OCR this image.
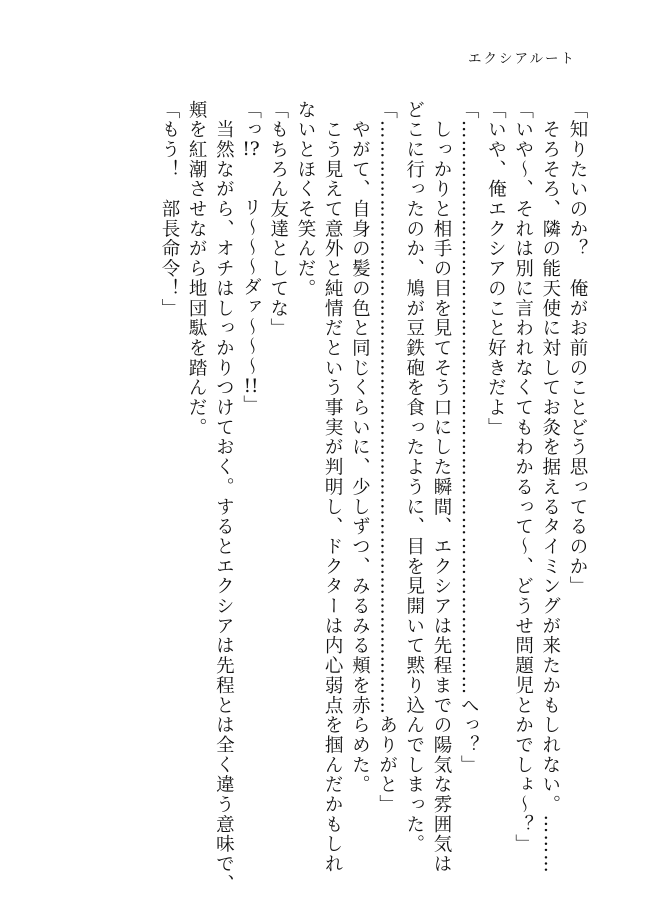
エクシアルート
「知りたいのか？　俺がお前のことどう思ってるのか」
　そろそろ、隣の能天使に対してお灸を据えるタイミングが来たかもしれない。………
「いや〜、それは別に言われなくてもわかるって〜、どうせ問題児とかでしょ〜？」
「いや、俺エクシアのこと好きだよ」
「……………………………………………………………………………へっ？」
　しっかりと相手の目を見てそう口にした瞬間、エクシアは先程までの陽気な雰囲気は
どこに行ったのか、鳩が豆鉄砲を食ったように、目を見開いて黙り込んでしまった。
「………………………………………………………………………………ありがと」
　やがて、自身の髪の色と同じくらいに、少しずつ、みるみる頬を赤らめた。
　こう見えて意外と純情だという事実が判明し、ドクターは内心弱点を掴んだかもしれ
ないとほくそ笑んだ。
「もちろん友達としてな」
「っ!?　　リ〜〜〜ダァ〜〜〜!!」
　当然ながら、オチはしっかりつけておく。するとエクシアは先程とは全く違う意味で、
頬を紅潮させながら地団駄を踏んだ。
「もう！　部長命令！」
